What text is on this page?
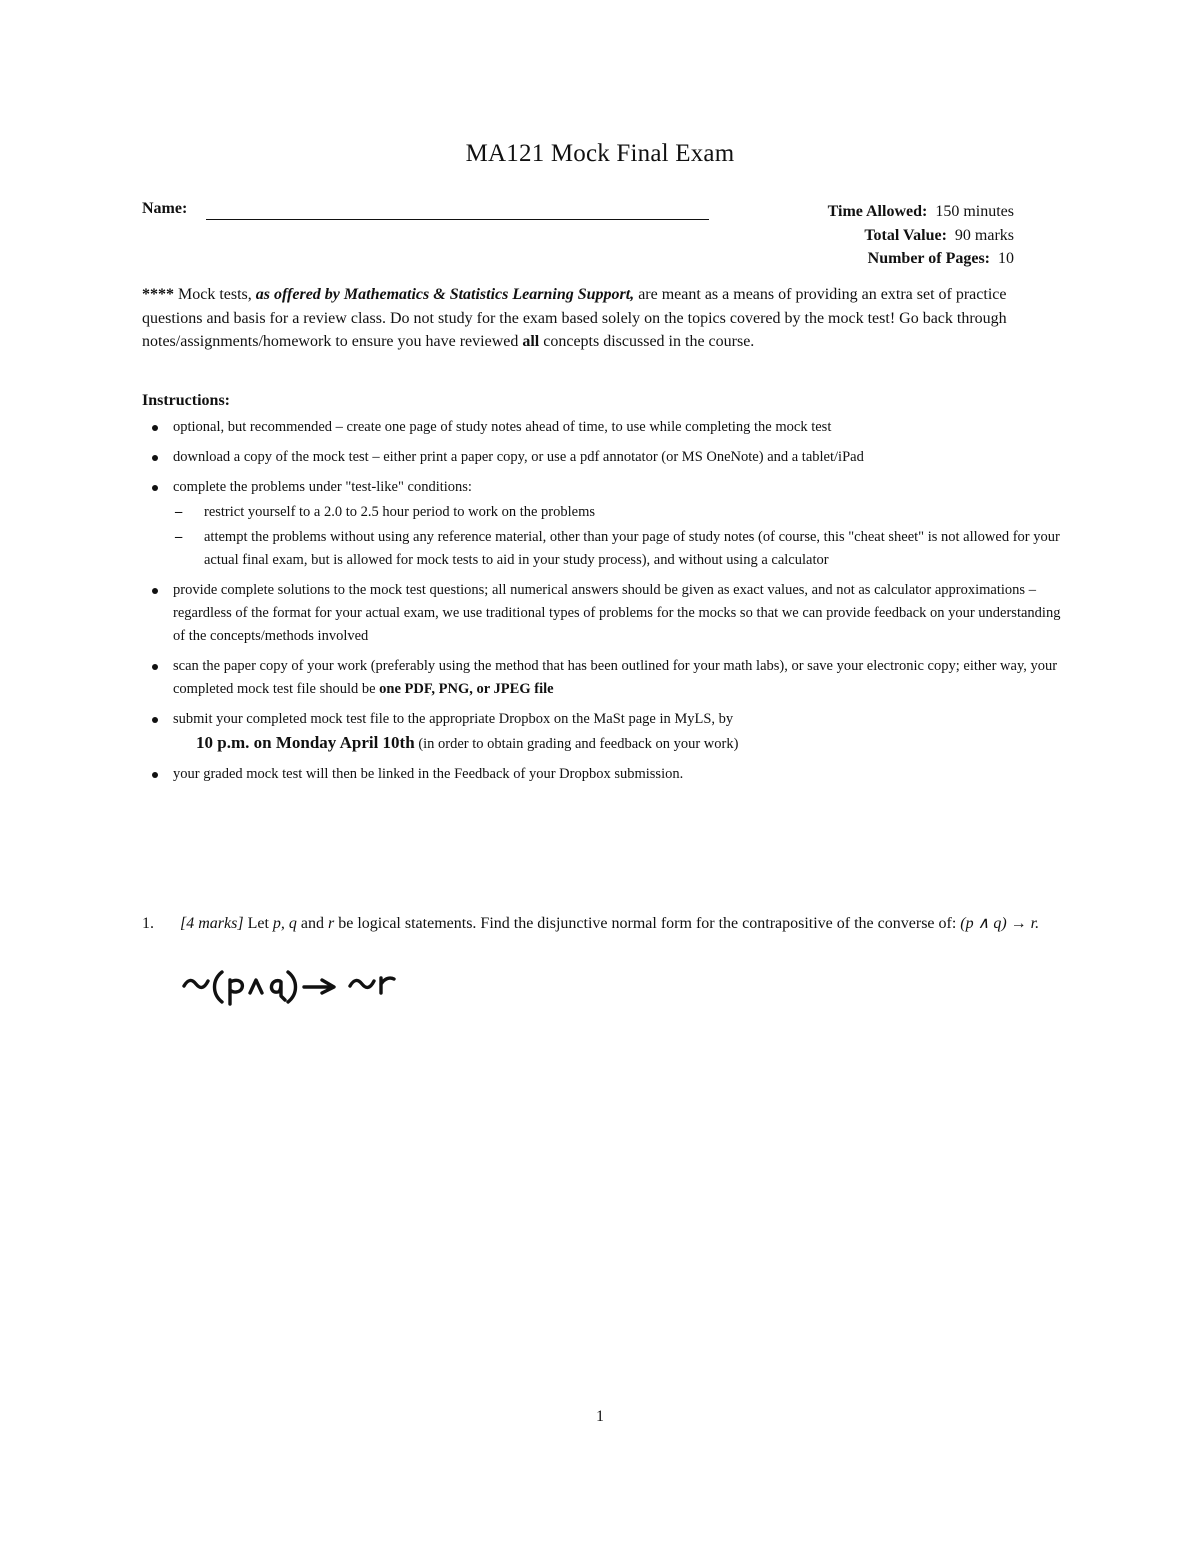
MA121 Mock Final Exam
Name:	Time Allowed: 150 minutes
Total Value: 90 marks
Number of Pages: 10
**** Mock tests, as offered by Mathematics & Statistics Learning Support, are meant as a means of providing an extra set of practice questions and basis for a review class. Do not study for the exam based solely on the topics covered by the mock test! Go back through notes/assignments/homework to ensure you have reviewed all concepts discussed in the course.
Instructions:
optional, but recommended – create one page of study notes ahead of time, to use while completing the mock test
download a copy of the mock test – either print a paper copy, or use a pdf annotator (or MS OneNote) and a tablet/iPad
complete the problems under "test-like" conditions:
– restrict yourself to a 2.0 to 2.5 hour period to work on the problems
– attempt the problems without using any reference material, other than your page of study notes (of course, this "cheat sheet" is not allowed for your actual final exam, but is allowed for mock tests to aid in your study process), and without using a calculator
provide complete solutions to the mock test questions; all numerical answers should be given as exact values, and not as calculator approximations – regardless of the format for your actual exam, we use traditional types of problems for the mocks so that we can provide feedback on your understanding of the concepts/methods involved
scan the paper copy of your work (preferably using the method that has been outlined for your math labs), or save your electronic copy; either way, your completed mock test file should be one PDF, PNG, or JPEG file
submit your completed mock test file to the appropriate Dropbox on the MaSt page in MyLS, by
10 p.m. on Monday April 10th (in order to obtain grading and feedback on your work)
your graded mock test will then be linked in the Feedback of your Dropbox submission.
1.	[4 marks] Let p, q and r be logical statements. Find the disjunctive normal form for the contrapositive of the converse of: (p ∧ q) → r.
1
